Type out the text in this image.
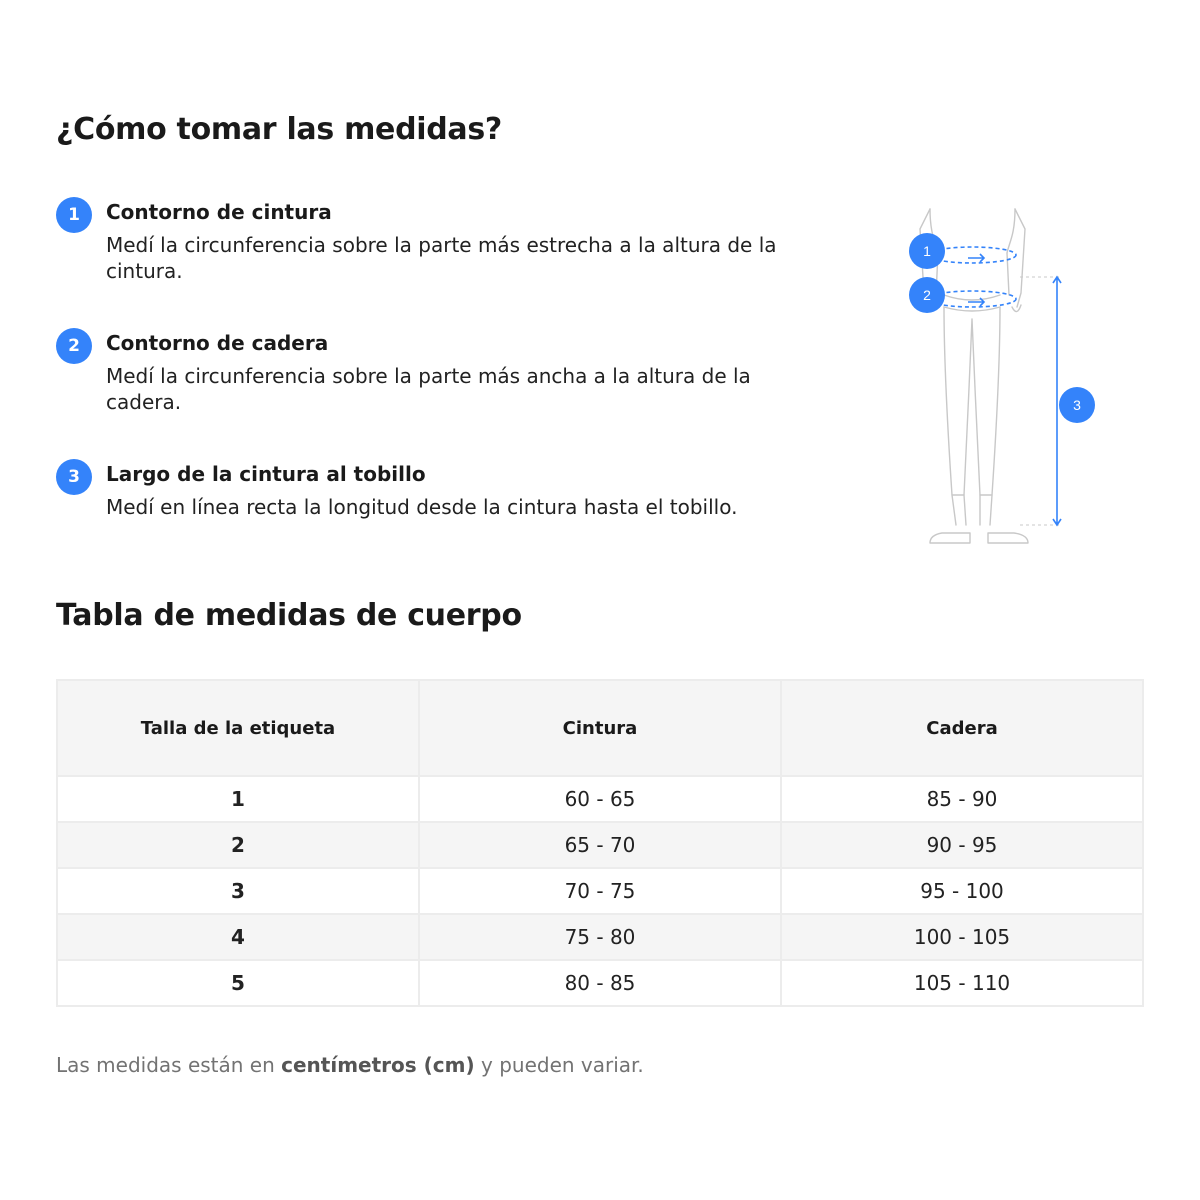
¿Cómo tomar las medidas?
1	Contorno de cintura
Medí la circunferencia sobre la parte más estrecha a la altura de la cintura.
2	Contorno de cadera
Medí la circunferencia sobre la parte más ancha a la altura de la cadera.
3	Largo de la cintura al tobillo
Medí en línea recta la longitud desde la cintura hasta el tobillo.
1
2
3
Tabla de medidas de cuerpo
Talla de la etiqueta	Cintura	Cadera
1	60 - 65	85 - 90
2	65 - 70	90 - 95
3	70 - 75	95 - 100
4	75 - 80	100 - 105
5	80 - 85	105 - 110
Las medidas están en centímetros (cm) y pueden variar.
